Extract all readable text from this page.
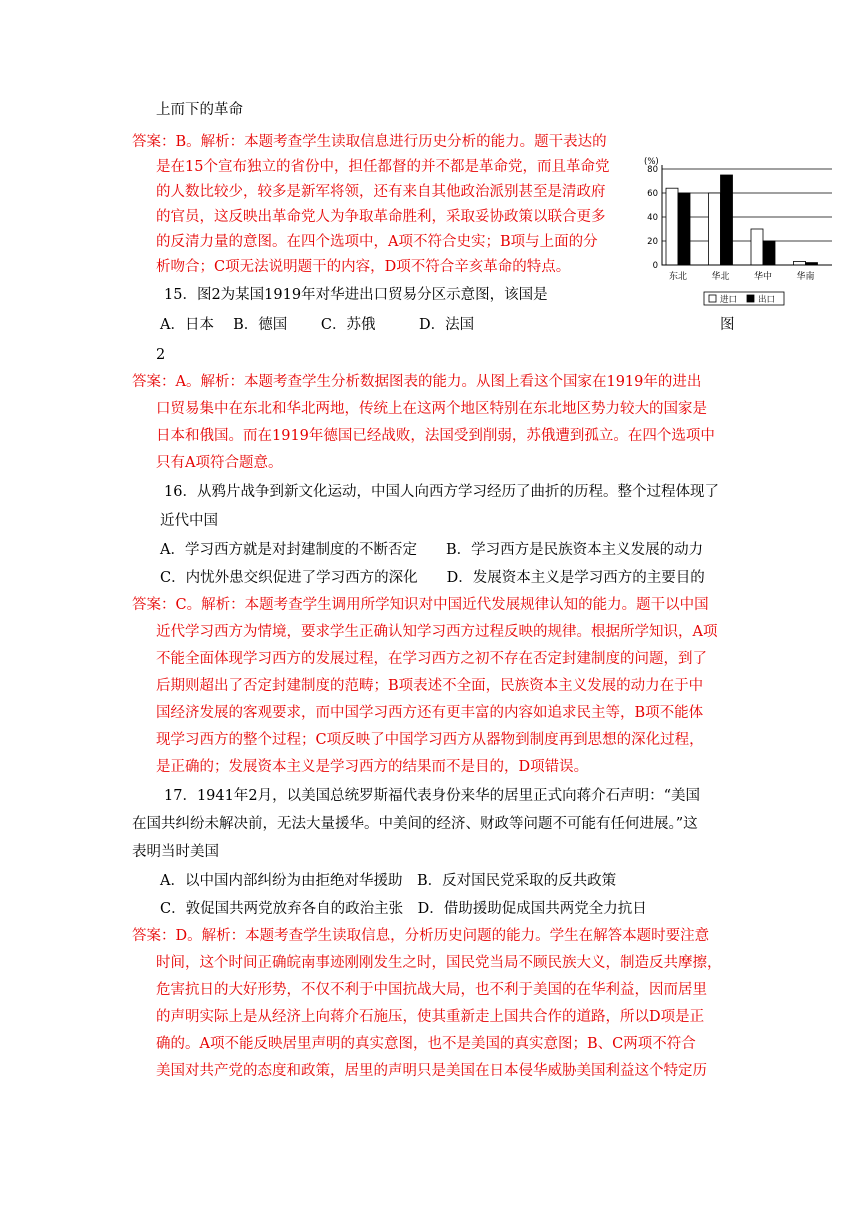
上而下的革命
答案：B。解析：本题考查学生读取信息进行历史分析的能力。题干表达的
是在15个宣布独立的省份中，担任都督的并不都是革命党，而且革命党
的人数比较少，较多是新军将领，还有来自其他政治派别甚至是清政府
的官员，这反映出革命党人为争取革命胜利，采取妥协政策以联合更多
的反清力量的意图。在四个选项中，A项不符合史实；B项与上面的分
析吻合；C项无法说明题干的内容，D项不符合辛亥革命的特点。
15．图2为某国1919年对华进出口贸易分区示意图，该国是
A．日本　 B．德国　　 C．苏俄　　　D．法国	图
2
答案：A。解析：本题考查学生分析数据图表的能力。从图上看这个国家在1919年的进出
口贸易集中在东北和华北两地，传统上在这两个地区特别在东北地区势力较大的国家是
日本和俄国。而在1919年德国已经战败，法国受到削弱，苏俄遭到孤立。在四个选项中
只有A项符合题意。
16．从鸦片战争到新文化运动，中国人向西方学习经历了曲折的历程。整个过程体现了
近代中国
A．学习西方就是对封建制度的不断否定　　B．学习西方是民族资本主义发展的动力
C．内忧外患交织促进了学习西方的深化　　D．发展资本主义是学习西方的主要目的
答案：C。解析：本题考查学生调用所学知识对中国近代发展规律认知的能力。题干以中国
近代学习西方为情境，要求学生正确认知学习西方过程反映的规律。根据所学知识，A项
不能全面体现学习西方的发展过程，在学习西方之初不存在否定封建制度的问题，到了
后期则超出了否定封建制度的范畴；B项表述不全面，民族资本主义发展的动力在于中
国经济发展的客观要求，而中国学习西方还有更丰富的内容如追求民主等，B项不能体
现学习西方的整个过程；C项反映了中国学习西方从器物到制度再到思想的深化过程，
是正确的；发展资本主义是学习西方的结果而不是目的，D项错误。
17．1941年2月，以美国总统罗斯福代表身份来华的居里正式向蒋介石声明：“美国
在国共纠纷未解决前，无法大量援华。中美间的经济、财政等问题不可能有任何进展。”这
表明当时美国
A．以中国内部纠纷为由拒绝对华援助　B．反对国民党采取的反共政策
C．敦促国共两党放弃各自的政治主张　D．借助援助促成国共两党全力抗日
答案：D。解析：本题考查学生读取信息，分析历史问题的能力。学生在解答本题时要注意
时间，这个时间正确皖南事迹刚刚发生之时，国民党当局不顾民族大义，制造反共摩擦，
危害抗日的大好形势，不仅不利于中国抗战大局，也不利于美国的在华利益，因而居里
的声明实际上是从经济上向蒋介石施压，使其重新走上国共合作的道路，所以D项是正
确的。A项不能反映居里声明的真实意图，也不是美国的真实意图；B、C两项不符合
美国对共产党的态度和政策，居里的声明只是美国在日本侵华威胁美国利益这个特定历
0
20
40
60
80
东北	华北	华中	华南
(%)
进口 出口
